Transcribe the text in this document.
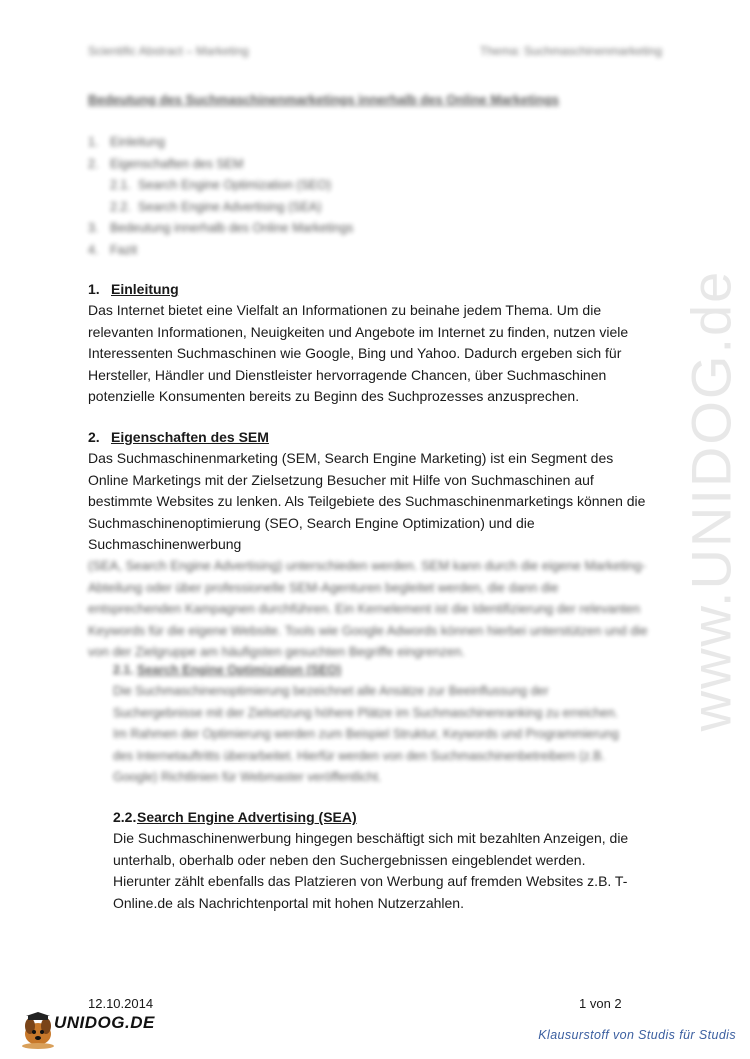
Scientific Abstract – Marketing	Thema: Suchmaschinenmarketing
Bedeutung des Suchmaschinenmarketings innerhalb des Online Marketings
1. Einleitung
2. Eigenschaften des SEM
2.1. Search Engine Optimization (SEO)
2.2. Search Engine Advertising (SEA)
3. Bedeutung innerhalb des Online Marketings
4. Fazit
www.UNIDOG.de
1. Einleitung

Das Internet bietet eine Vielfalt an Informationen zu beinahe jedem Thema. Um die relevanten Informationen, Neuigkeiten und Angebote im Internet zu finden, nutzen viele Interessenten Suchmaschinen wie Google, Bing und Yahoo. Dadurch ergeben sich für Hersteller, Händler und Dienstleister hervorragende Chancen, über Suchmaschinen potenzielle Konsumenten bereits zu Beginn des Suchprozesses anzusprechen.

2. Eigenschaften des SEM

Das Suchmaschinenmarketing (SEM, Search Engine Marketing) ist ein Segment des Online Marketings mit der Zielsetzung Besucher mit Hilfe von Suchmaschinen auf bestimmte Websites zu lenken. Als Teilgebiete des Suchmaschinenmarketings können die Suchmaschinenoptimierung (SEO, Search Engine Optimization) und die Suchmaschinenwerbung

(SEA, Search Engine Advertising) unterschieden werden. SEM kann durch die eigene Marketing-Abteilung oder über professionelle SEM-Agenturen begleitet werden, die dann die entsprechenden Kampagnen durchführen. Ein Kernelement ist die Identifizierung der relevanten Keywords für die eigene Website. Tools wie Google Adwords können hierbei unterstützen und die von der Zielgruppe am häufigsten gesuchten Begriffe eingrenzen.

2.1. Search Engine Optimization (SEO)

Die Suchmaschinenoptimierung bezeichnet alle Ansätze zur Beeinflussung der Suchergebnisse mit der Zielsetzung höhere Plätze im Suchmaschinenranking zu erreichen. Im Rahmen der Optimierung werden zum Beispiel Struktur, Keywords und Programmierung des Internetauftritts überarbeitet. Hierfür werden von den Suchmaschinenbetreibern (z.B. Google) Richtlinien für Webmaster veröffentlicht.

2.2.Search Engine Advertising (SEA)

Die Suchmaschinenwerbung hingegen beschäftigt sich mit bezahlten Anzeigen, die unterhalb, oberhalb oder neben den Suchergebnissen eingeblendet werden. Hierunter zählt ebenfalls das Platzieren von Werbung auf fremden Websites z.B. T-Online.de als Nachrichtenportal mit hohen Nutzerzahlen.

12.10.2014	1 von 2
UNIDOG.DE
Klausurstoff von Studis für Studis
